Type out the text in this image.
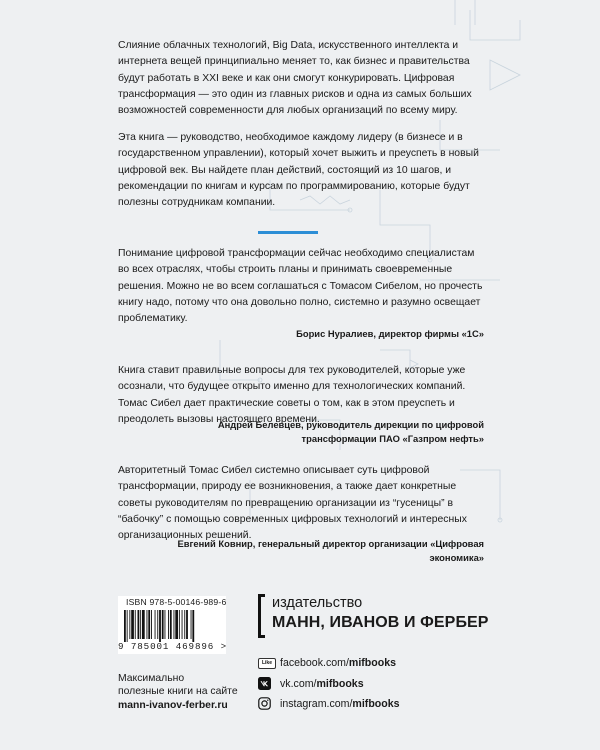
Слияние облачных технологий, Big Data, искусственного интеллекта и интернета вещей принципиально меняет то, как бизнес и правительства будут работать в XXI веке и как они смогут конкурировать. Цифровая трансформация — это один из главных рисков и одна из самых больших возможностей современности для любых организаций по всему миру.

Эта книга — руководство, необходимое каждому лидеру (в бизнесе и в государственном управлении), который хочет выжить и преуспеть в новый цифровой век. Вы найдете план действий, состоящий из 10 шагов, и рекомендации по книгам и курсам по программированию, которые будут полезны сотрудникам компании.

Понимание цифровой трансформации сейчас необходимо специалистам во всех отраслях, чтобы строить планы и принимать своевременные решения. Можно не во всем соглашаться с Томасом Сибелом, но прочесть книгу надо, потому что она довольно полно, системно и разумно освещает проблематику.

Борис Нуралиев, директор фирмы «1С»

Книга ставит правильные вопросы для тех руководителей, которые уже осознали, что будущее открыто именно для технологических компаний. Томас Сибел дает практические советы о том, как в этом преуспеть и преодолеть вызовы настоящего времени.

Андрей Белевцев, руководитель дирекции по цифровой трансформации ПАО «Газпром нефть»

Авторитетный Томас Сибел системно описывает суть цифровой трансформации, природу ее возникновения, а также дает конкретные советы руководителям по превращению организации из “гусеницы” в “бабочку” с помощью современных цифровых технологий и интересных организационных решений.

Евгений Ковнир, генеральный директор организации «Цифровая экономика»

ISBN 978-5-00146-989-6
9 785001 469896 >
Максимально
полезные книги на сайте
mann-ivanov-ferber.ru
издательство
МАНН, ИВАНОВ И ФЕРБЕР
Like facebook.com/ mifbooks
vk.com/ mifbooks
instagram.com/ mifbooks
